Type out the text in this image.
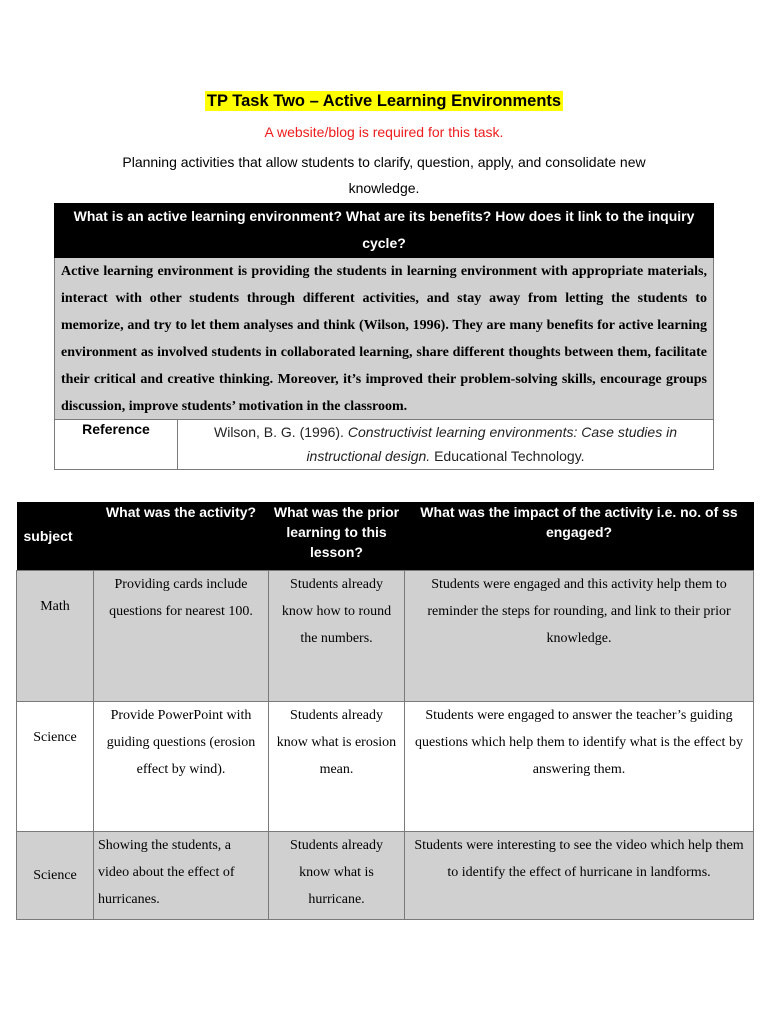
TP Task Two – Active Learning Environments
A website/blog is required for this task.
Planning activities that allow students to clarify, question, apply, and consolidate new knowledge.
What is an active learning environment? What are its benefits? How does it link to the inquiry cycle?
Active learning environment is providing the students in learning environment with appropriate materials, interact with other students through different activities, and stay away from letting the students to memorize, and try to let them analyses and think (Wilson, 1996). They are many benefits for active learning environment as involved students in collaborated learning, share different thoughts between them, facilitate their critical and creative thinking. Moreover, it’s improved their problem-solving skills, encourage groups discussion, improve students’ motivation in the classroom.
Reference	Wilson, B. G. (1996). Constructivist learning environments: Case studies in instructional design. Educational Technology.
subject	What was the activity?	What was the prior learning to this lesson?	What was the impact of the activity i.e. no. of ss engaged?
Math	Providing cards include questions for nearest 100.	Students already know how to round the numbers.	Students were engaged and this activity help them to reminder the steps for rounding, and link to their prior knowledge.
Science	Provide PowerPoint with guiding questions (erosion effect by wind).	Students already know what is erosion mean.	Students were engaged to answer the teacher’s guiding questions which help them to identify what is the effect by answering them.
Science	Showing the students, a video about the effect of hurricanes.	Students already know what is hurricane.	Students were interesting to see the video which help them to identify the effect of hurricane in landforms.
